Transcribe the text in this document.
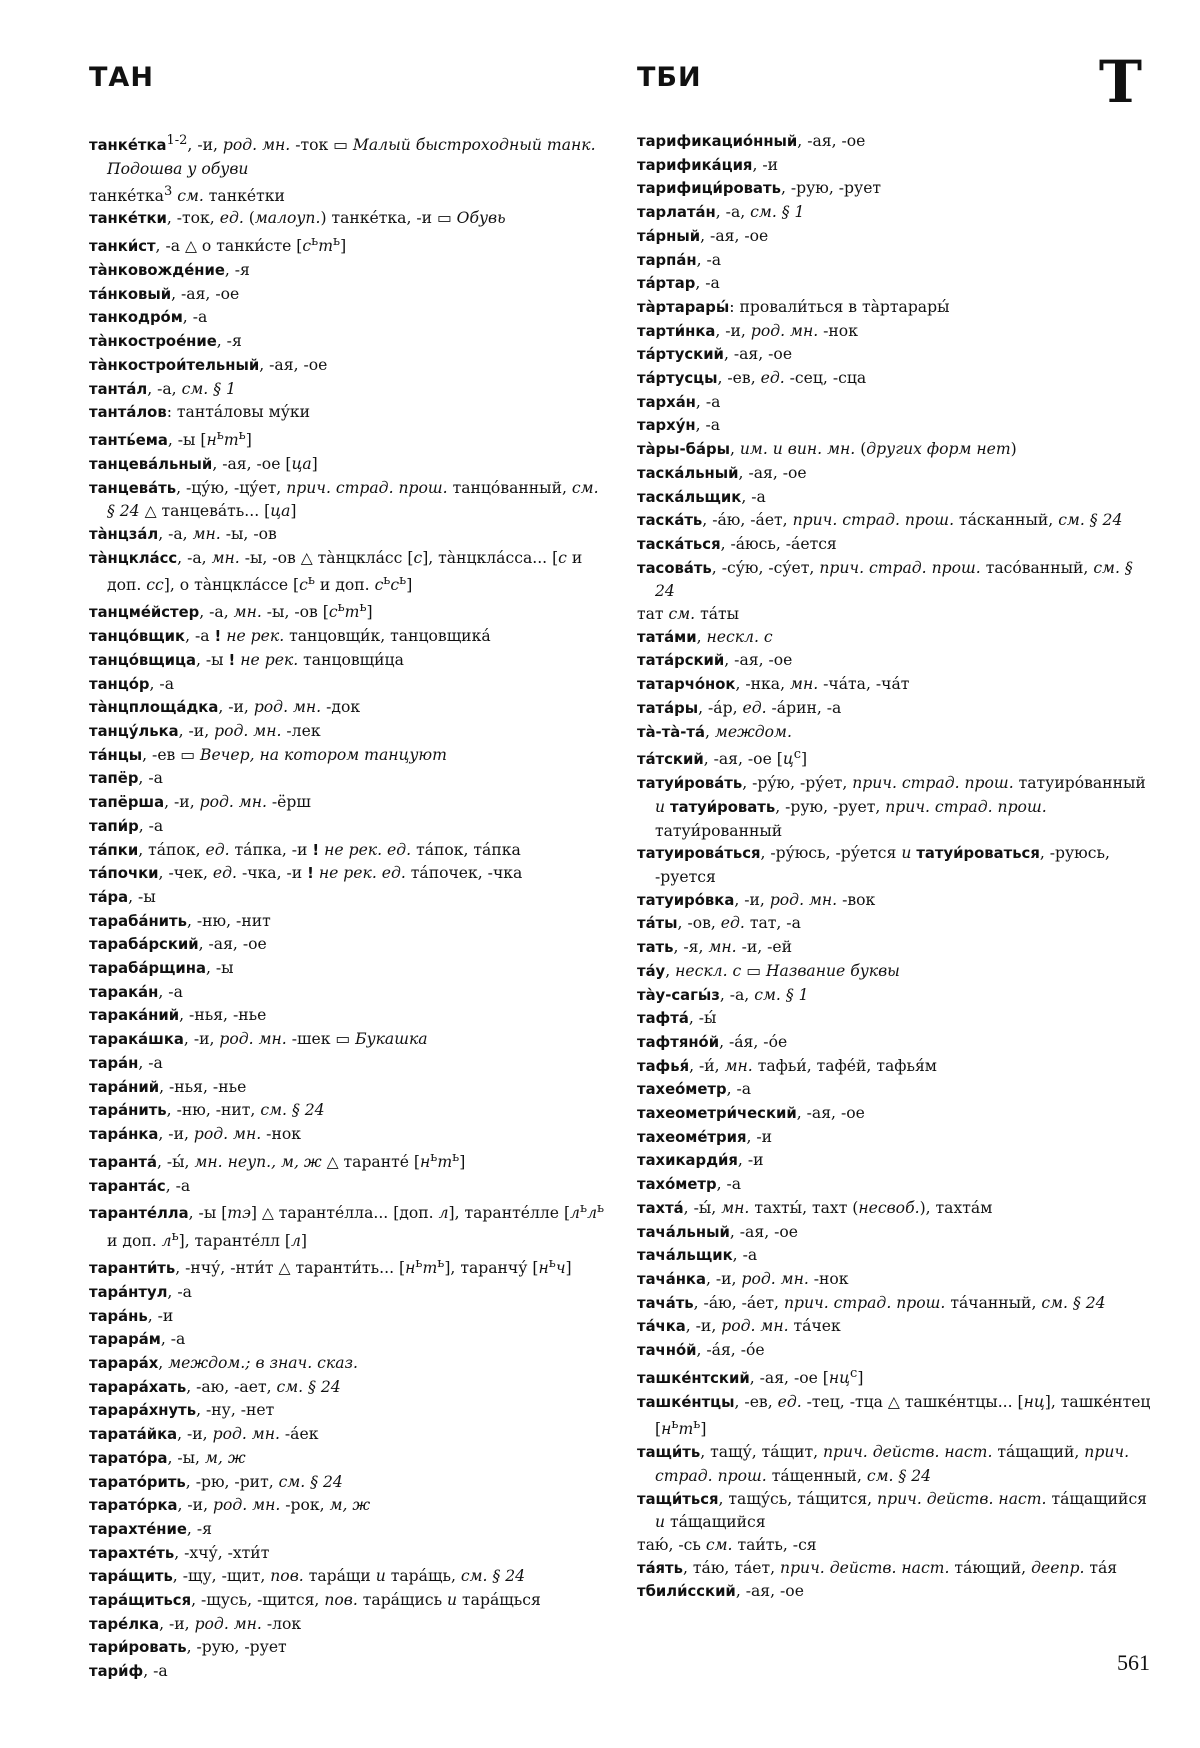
ТАН	ТБИ	Т
танке́тка$^{1-2}$, -и, род. мн. -ток ▭ Малый быстроходный танк. Подошва у обуви
танке́тка$^3$ см. танке́тки
танке́тки, -ток, ед. (малоуп.) танке́тка, -и ▭ Обувь
танки́ст, -а △ о танки́сте $[с^ьт^ь]$
та̀нковожде́ние, -я
та́нковый, -ая, -ое
танкодро́м, -а
та̀нкостроéние, -я
та̀нкострои́тельный, -ая, -ое
танта́л, -а, см. § 1
танта́лов: танта́ловы му́ки
танть́ема, -ы $[н^ьт^ь]$
танцева́льный, -ая, -ое [ца]
танцева́ть, -цу́ю, -цу́ет, прич. страд. прош. танцо́ванный, см. § 24 △ танцева́ть... [ца]
та̀нцза́л, -а, мн. -ы, -ов
та̀нцкла́сс, -а, мн. -ы, -ов △ та̀нцкла́сс [с], та̀нцкла́сса... [с и доп. сс], о та̀нцкла́ссе [$с^ь$ и доп. $с^ьс^ь$]
танцме́йстер, -а, мн. -ы, -ов $[с^ьт^ь]$
танцо́вщик, -а ! не рек. танцовщи́к, танцовщика́
танцо́вщица, -ы ! не рек. танцовщи́ца
танцо́р, -а
та̀нцплоща́дка, -и, род. мн. -док
танцу́лька, -и, род. мн. -лек
та́нцы, -ев ▭ Вечер, на котором танцуют
тапёр, -а
тапёрша, -и, род. мн. -ёрш
тапи́р, -а
та́пки, та́пок, ед. та́пка, -и ! не рек. ед. та́пок, та́пка
та́почки, -чек, ед. -чка, -и ! не рек. ед. та́почек, -чка
та́ра, -ы
тараба́нить, -ню, -нит
тараба́рский, -ая, -ое
тараба́рщина, -ы
тарака́н, -а
тарака́ний, -нья, -нье
тарака́шка, -и, род. мн. -шек ▭ Букашка
тара́н, -а
тара́ний, -нья, -нье
тара́нить, -ню, -нит, см. § 24
тара́нка, -и, род. мн. -нок
таранта́, -ы́, мн. неуп., м, ж △ таранте́ $[н^ьт^ь]$
таранта́с, -а
таранте́лла, -ы [тэ] △ таранте́лла... [доп. л], таранте́лле [$л^ьл^ь$ и доп. $л^ь$], таранте́лл [л]
таранти́ть, -нчу́, -нти́т △ таранти́ть... $[н^ьт^ь]$, таранчу́ $[н^ьч]$
тара́нтул, -а
тара́нь, -и
тарара́м, -а
тарара́х, междом.; в знач. сказ.
тарара́хать, -аю, -ает, см. § 24
тарара́хнуть, -ну, -нет
тарата́йка, -и, род. мн. -а́ек
тарато́ра, -ы, м, ж
тарато́рить, -рю, -рит, см. § 24
тарато́рка, -и, род. мн. -рок, м, ж
тарахте́ние, -я
тарахте́ть, -хчу́, -хти́т
тара́щить, -щу, -щит, пов. тара́щи и тара́щь, см. § 24
тара́щиться, -щусь, -щится, пов. тара́щись и тара́щься
таре́лка, -и, род. мн. -лок
тари́ровать, -рую, -рует
тари́ф, -а
тарификацио́нный, -ая, -ое
тарифика́ция, -и
тарифици́ровать, -рую, -рует
тарлата́н, -а, см. § 1
та́рный, -ая, -ое
тарпа́н, -а
та́ртар, -а
та̀ртарары́: провали́ться в та̀ртарары́
тарти́нка, -и, род. мн. -нок
та́ртуский, -ая, -ое
та́ртусцы, -ев, ед. -сец, -сца
тарха́н, -а
тарху́н, -а
та̀ры-ба́ры, им. и вин. мн. (других форм нет)
таска́льный, -ая, -ое
таска́льщик, -а
таска́ть, -а́ю, -а́ет, прич. страд. прош. та́сканный, см. § 24
таска́ться, -а́юсь, -а́ется
тасова́ть, -су́ю, -су́ет, прич. страд. прош. тасо́ванный, см. § 24
тат см. та́ты
тата́ми, нескл. с
тата́рский, -ая, -ое
татарчо́нок, -нка, мн. -ча́та, -ча́т
тата́ры, -а́р, ед. -а́рин, -а
та̀-та̀-та́, междом.
та́тский, -ая, -ое $[ц^с]$
татуи́рова́ть, -ру́ю, -ру́ет, прич. страд. прош. татуиро́ванный и татуи́ровать, -рую, -рует, прич. страд. прош. татуи́рованный
татуирова́ться, -ру́юсь, -ру́ется и татуи́роваться, -руюсь, -руется
татуиро́вка, -и, род. мн. -вок
та́ты, -ов, ед. тат, -а
тать, -я, мн. -и, -ей
та́у, нескл. с ▭ Название буквы
та̀у-сагы́з, -а, см. § 1
тафта́, -ы́
тафтяно́й, -а́я, -о́е
тафья́, -и́, мн. тафьи́, тафе́й, тафья́м
тахео́метр, -а
тахеометри́ческий, -ая, -ое
тахеоме́трия, -и
тахикарди́я, -и
тахо́метр, -а
тахта́, -ы́, мн. тахты́, тахт (несвоб.), тахта́м
тача́льный, -ая, -ое
тача́льщик, -а
тача́нка, -и, род. мн. -нок
тача́ть, -а́ю, -а́ет, прич. страд. прош. та́чанный, см. § 24
та́чка, -и, род. мн. та́чек
тачно́й, -а́я, -о́е
ташке́нтский, -ая, -ое $[нц^с]$
ташке́нтцы, -ев, ед. -тец, -тца △ ташке́нтцы... [нц], ташке́нтец $[н^ьт^ь]$
тащи́ть, тащу́, та́щит, прич. действ. наст. та́щащий, прич. страд. прош. та́щенный, см. § 24
тащи́ться, тащу́сь, та́щится, прич. действ. наст. та́щащийся и та́щащийся
таю́, -сь см. таи́ть, -ся
та́ять, та́ю, та́ет, прич. действ. наст. та́ющий, деепр. та́я
тбили́сский, -ая, -ое
561
